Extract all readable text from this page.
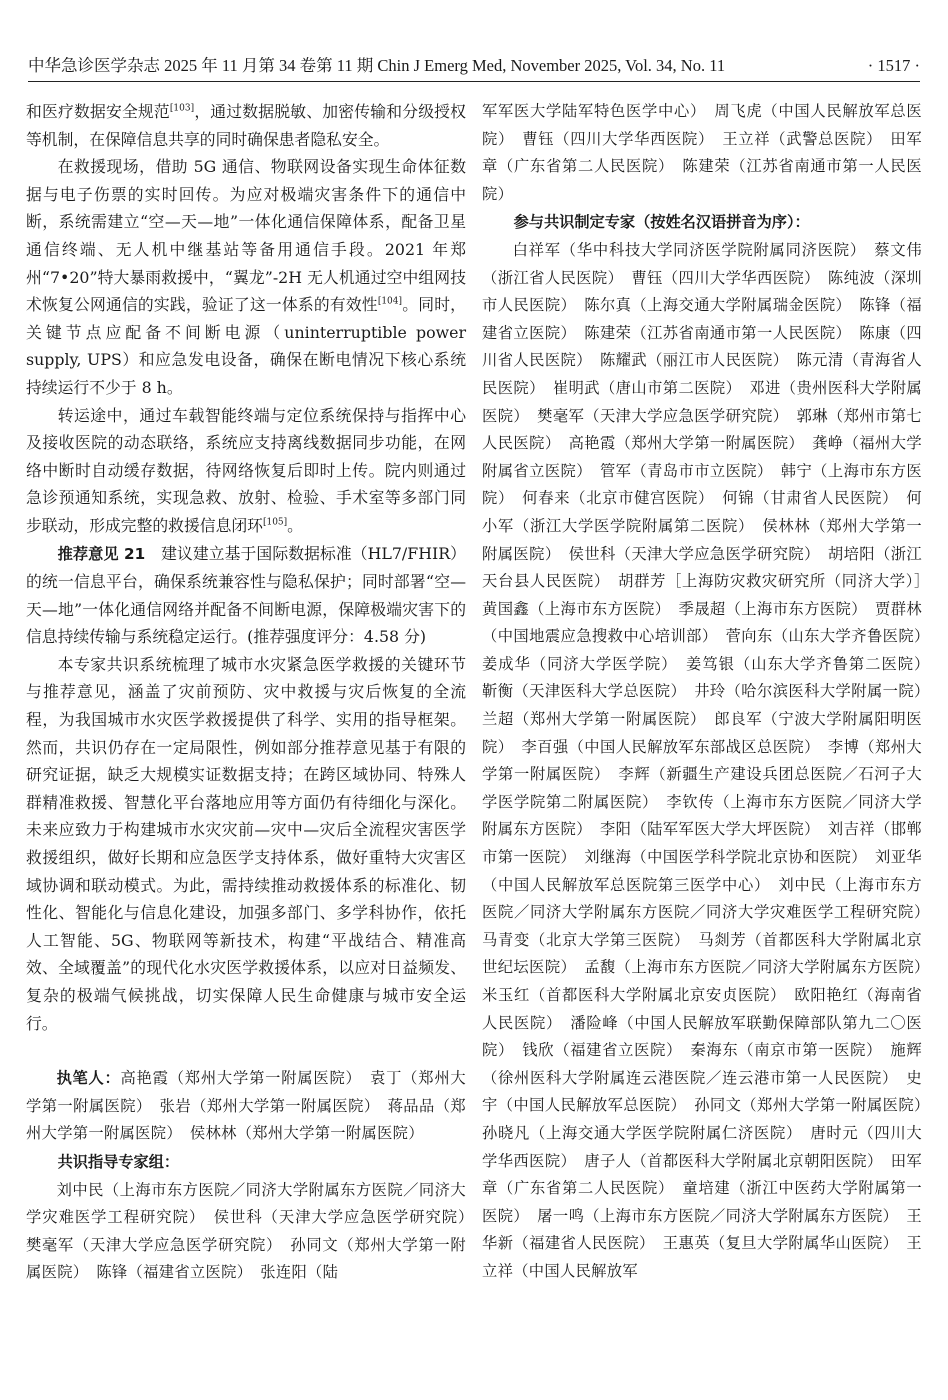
中华急诊医学杂志 2025 年 11 月第 34 卷第 11 期 Chin J Emerg Med, November 2025, Vol. 34, No. 11	· 1517 ·

和医疗数据安全规范[103]，通过数据脱敏、加密传输和分级授权等机制，在保障信息共享的同时确保患者隐私安全。

在救援现场，借助 5G 通信、物联网设备实现生命体征数据与电子伤票的实时回传。为应对极端灾害条件下的通信中断，系统需建立“空—天—地”一体化通信保障体系，配备卫星通信终端、无人机中继基站等备用通信手段。2021 年郑州“7•20”特大暴雨救援中，“翼龙”-2H 无人机通过空中组网技术恢复公网通信的实践，验证了这一体系的有效性[104]。同时，关键节点应配备不间断电源（uninterruptible power supply, UPS）和应急发电设备，确保在断电情况下核心系统持续运行不少于 8 h。

转运途中，通过车载智能终端与定位系统保持与指挥中心及接收医院的动态联络，系统应支持离线数据同步功能，在网络中断时自动缓存数据，待网络恢复后即时上传。院内则通过急诊预通知系统，实现急救、放射、检验、手术室等多部门同步联动，形成完整的救援信息闭环[105]。

推荐意见 21　建议建立基于国际数据标准（HL7/FHIR）的统一信息平台，确保系统兼容性与隐私保护；同时部署“空—天—地”一体化通信网络并配备不间断电源，保障极端灾害下的信息持续传输与系统稳定运行。(推荐强度评分：4.58 分)

本专家共识系统梳理了城市水灾紧急医学救援的关键环节与推荐意见，涵盖了灾前预防、灾中救援与灾后恢复的全流程，为我国城市水灾医学救援提供了科学、实用的指导框架。然而，共识仍存在一定局限性，例如部分推荐意见基于有限的研究证据，缺乏大规模实证数据支持；在跨区域协同、特殊人群精准救援、智慧化平台落地应用等方面仍有待细化与深化。未来应致力于构建城市水灾灾前—灾中—灾后全流程灾害医学救援组织，做好长期和应急医学支持体系，做好重特大灾害区域协调和联动模式。为此，需持续推动救援体系的标准化、韧性化、智能化与信息化建设，加强多部门、多学科协作，依托人工智能、5G、物联网等新技术，构建“平战结合、精准高效、全域覆盖”的现代化水灾医学救援体系，以应对日益频发、复杂的极端气候挑战，切实保障人民生命健康与城市安全运行。

执笔人：高艳霞（郑州大学第一附属医院）　袁丁（郑州大学第一附属医院）　张岩（郑州大学第一附属医院）　蒋品品（郑州大学第一附属医院）　侯林林（郑州大学第一附属医院）

共识指导专家组：

刘中民（上海市东方医院／同济大学附属东方医院／同济大学灾难医学工程研究院）　侯世科（天津大学应急医学研究院）　樊毫军（天津大学应急医学研究院）　孙同文（郑州大学第一附属医院）　陈锋（福建省立医院）　张连阳（陆

军军医大学陆军特色医学中心）　周飞虎（中国人民解放军总医院）　曹钰（四川大学华西医院）　王立祥（武警总医院）　田军章（广东省第二人民医院）　陈建荣（江苏省南通市第一人民医院）

参与共识制定专家（按姓名汉语拼音为序）：

白祥军（华中科技大学同济医学院附属同济医院）　蔡文伟（浙江省人民医院）　曹钰（四川大学华西医院）　陈纯波（深圳市人民医院）　陈尔真（上海交通大学附属瑞金医院）　陈锋（福建省立医院）　陈建荣（江苏省南通市第一人民医院）　陈康（四川省人民医院）　陈耀武（丽江市人民医院）　陈元清（青海省人民医院）　崔明武（唐山市第二医院）　邓进（贵州医科大学附属医院）　樊毫军（天津大学应急医学研究院）　郭琳（郑州市第七人民医院）　高艳霞（郑州大学第一附属医院）　龚峥（福州大学附属省立医院）　管军（青岛市市立医院）　韩宁（上海市东方医院）　何春来（北京市健宫医院）　何锦（甘肃省人民医院）　何小军（浙江大学医学院附属第二医院）　侯林林（郑州大学第一附属医院）　侯世科（天津大学应急医学研究院）　胡培阳（浙江天台县人民医院）　胡群芳［上海防灾救灾研究所（同济大学）］　黄国鑫（上海市东方医院）　季晟超（上海市东方医院）　贾群林（中国地震应急搜救中心培训部）　菅向东（山东大学齐鲁医院）　姜成华（同济大学医学院）　姜笃银（山东大学齐鲁第二医院）　靳衡（天津医科大学总医院）　井玲（哈尔滨医科大学附属一院）　兰超（郑州大学第一附属医院）　郎良军（宁波大学附属阳明医院）　李百强（中国人民解放军东部战区总医院）　李博（郑州大学第一附属医院）　李辉（新疆生产建设兵团总医院／石河子大学医学院第二附属医院）　李钦传（上海市东方医院／同济大学附属东方医院）　李阳（陆军军医大学大坪医院）　刘吉祥（邯郸市第一医院）　刘继海（中国医学科学院北京协和医院）　刘亚华（中国人民解放军总医院第三医学中心）　刘中民（上海市东方医院／同济大学附属东方医院／同济大学灾难医学工程研究院）　马青变（北京大学第三医院）　马剡芳（首都医科大学附属北京世纪坛医院）　孟馥（上海市东方医院／同济大学附属东方医院）　米玉红（首都医科大学附属北京安贞医院）　欧阳艳红（海南省人民医院）　潘险峰（中国人民解放军联勤保障部队第九二〇医院）　钱欣（福建省立医院）　秦海东（南京市第一医院）　施辉（徐州医科大学附属连云港医院／连云港市第一人民医院）　史宇（中国人民解放军总医院）　孙同文（郑州大学第一附属医院）　孙晓凡（上海交通大学医学院附属仁济医院）　唐时元（四川大学华西医院）　唐子人（首都医科大学附属北京朝阳医院）　田军章（广东省第二人民医院）　童培建（浙江中医药大学附属第一医院）　屠一鸣（上海市东方医院／同济大学附属东方医院）　王华新（福建省人民医院）　王惠英（复旦大学附属华山医院）　王立祥（中国人民解放军
